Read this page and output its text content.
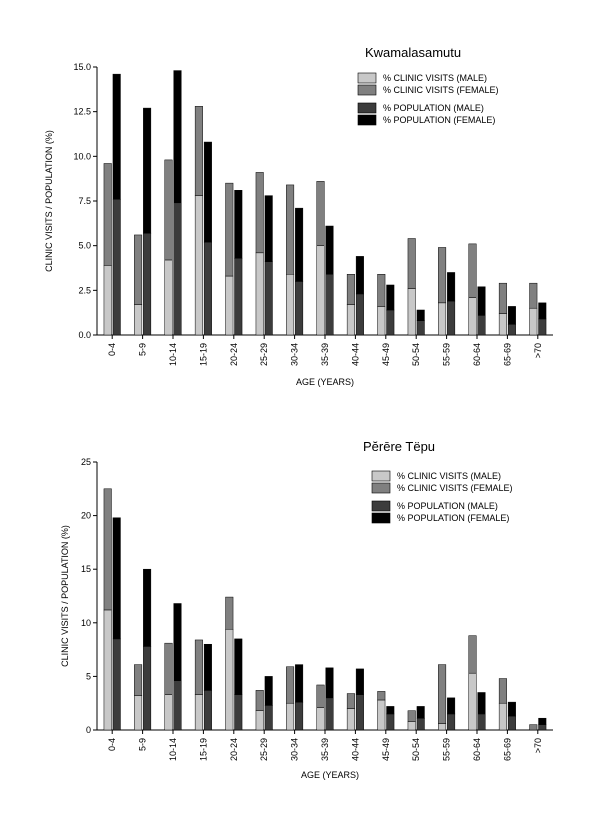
0.0
2.5
5.0
7.5
10.0
12.5
15.0
0-4 5-9 10-14 15-19 20-24 25-29 30-34 35-39 40-44 45-49 50-54 55-59 60-64 65-69 >70
Kwamalasamutu
AGE (YEARS)
CLINIC VISITS / POPULATION (%)
% CLINIC VISITS (MALE)
% CLINIC VISITS (FEMALE)
% POPULATION (MALE)
% POPULATION (FEMALE)
0
5
10
15
20
25
0-4 5-9 10-14 15-19 20-24 25-29 30-34 35-39 40-44 45-49 50-54 55-59 60-64 65-69 >70
Pĕrēre Tëpu
AGE (YEARS)
CLINIC VISITS / POPULATION (%)
% CLINIC VISITS (MALE)
% CLINIC VISITS (FEMALE)
% POPULATION (MALE)
% POPULATION (FEMALE)
